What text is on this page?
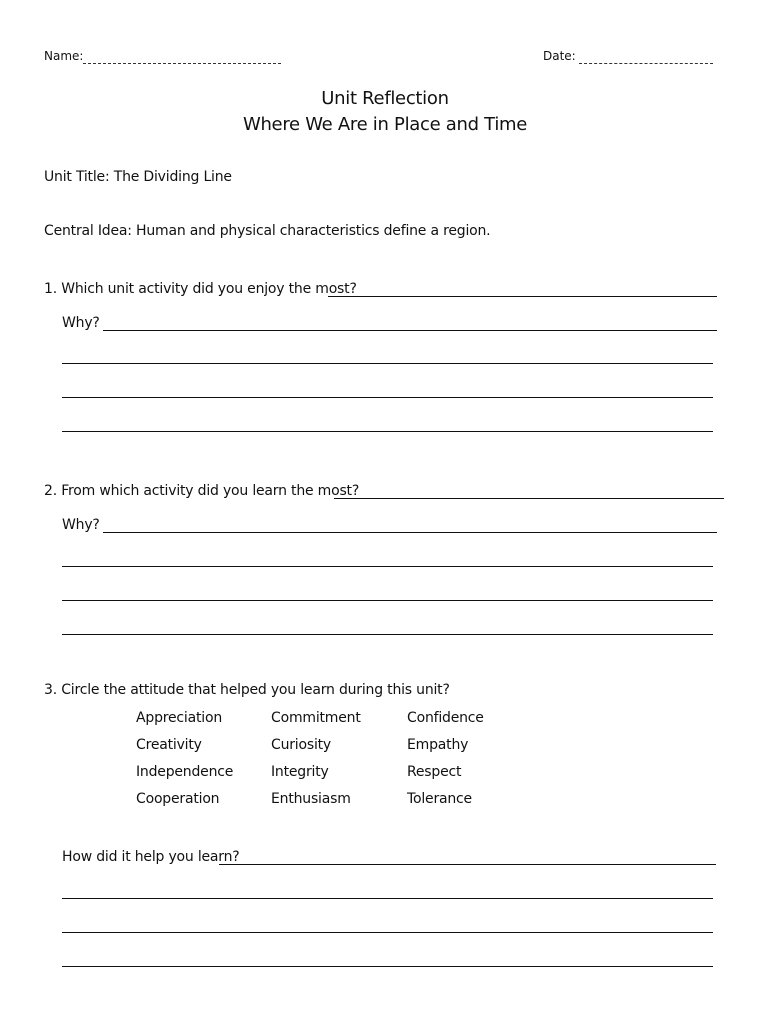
Name:	Date:
Unit Reflection
Where We Are in Place and Time
Unit Title: The Dividing Line
Central Idea: Human and physical characteristics define a region.
1. Which unit activity did you enjoy the most?
Why?
2. From which activity did you learn the most?
Why?
3. Circle the attitude that helped you learn during this unit?
Appreciation
Creativity
Independence
Cooperation
Commitment
Curiosity
Integrity
Enthusiasm
Confidence
Empathy
Respect
Tolerance
How did it help you learn?
